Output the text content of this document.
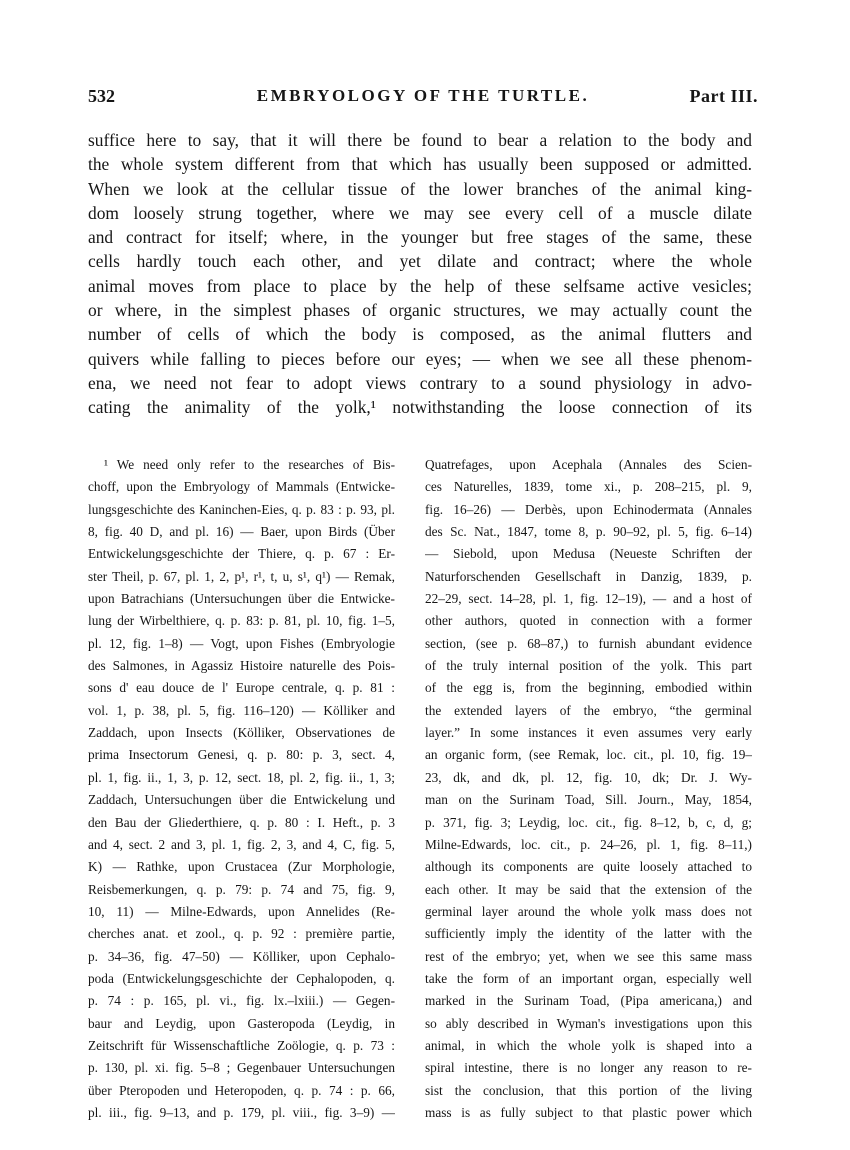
532	EMBRYOLOGY OF THE TURTLE.	Part III.
suffice here to say, that it will there be found to bear a relation to the body and
the whole system different from that which has usually been supposed or admitted.
When we look at the cellular tissue of the lower branches of the animal king-
dom loosely strung together, where we may see every cell of a muscle dilate
and contract for itself; where, in the younger but free stages of the same, these
cells hardly touch each other, and yet dilate and contract; where the whole
animal moves from place to place by the help of these selfsame active vesicles;
or where, in the simplest phases of organic structures, we may actually count the
number of cells of which the body is composed, as the animal flutters and
quivers while falling to pieces before our eyes; — when we see all these phenom-
ena, we need not fear to adopt views contrary to a sound physiology in advo-
cating the animality of the yolk,¹ notwithstanding the loose connection of its
¹ We need only refer to the researches of Bis-
choff, upon the Embryology of Mammals (Entwicke-
lungsgeschichte des Kaninchen-Eies, q. p. 83 : p. 93, pl.
8, fig. 40 D, and pl. 16) — Baer, upon Birds (Über
Entwickelungsgeschichte der Thiere, q. p. 67 : Er-
ster Theil, p. 67, pl. 1, 2, p¹, r¹, t, u, s¹, q¹) — Remak,
upon Batrachians (Untersuchungen über die Entwicke-
lung der Wirbelthiere, q. p. 83: p. 81, pl. 10, fig. 1–5,
pl. 12, fig. 1–8) — Vogt, upon Fishes (Embryologie
des Salmones, in Agassiz Histoire naturelle des Pois-
sons d' eau douce de l' Europe centrale, q. p. 81 :
vol. 1, p. 38, pl. 5, fig. 116–120) — Kölliker and
Zaddach, upon Insects (Kölliker, Observationes de
prima Insectorum Genesi, q. p. 80: p. 3, sect. 4,
pl. 1, fig. ii., 1, 3, p. 12, sect. 18, pl. 2, fig. ii., 1, 3;
Zaddach, Untersuchungen über die Entwickelung und
den Bau der Gliederthiere, q. p. 80 : I. Heft., p. 3
and 4, sect. 2 and 3, pl. 1, fig. 2, 3, and 4, C, fig. 5,
K) — Rathke, upon Crustacea (Zur Morphologie,
Reisbemerkungen, q. p. 79: p. 74 and 75, fig. 9,
10, 11) — Milne-Edwards, upon Annelides (Re-
cherches anat. et zool., q. p. 92 : première partie,
p. 34–36, fig. 47–50) — Kölliker, upon Cephalo-
poda (Entwickelungsgeschichte der Cephalopoden, q.
p. 74 : p. 165, pl. vi., fig. lx.–lxiii.) — Gegen-
baur and Leydig, upon Gasteropoda (Leydig, in
Zeitschrift für Wissenschaftliche Zoölogie, q. p. 73 :
p. 130, pl. xi. fig. 5–8 ; Gegenbauer Untersuchungen
über Pteropoden und Heteropoden, q. p. 74 : p. 66,
pl. iii., fig. 9–13, and p. 179, pl. viii., fig. 3–9) —
Quatrefages, upon Acephala (Annales des Scien-
ces Naturelles, 1839, tome xi., p. 208–215, pl. 9,
fig. 16–26) — Derbès, upon Echinodermata (Annales
des Sc. Nat., 1847, tome 8, p. 90–92, pl. 5, fig. 6–14)
— Siebold, upon Medusa (Neueste Schriften der
Naturforschenden Gesellschaft in Danzig, 1839, p.
22–29, sect. 14–28, pl. 1, fig. 12–19), — and a host of
other authors, quoted in connection with a former
section, (see p. 68–87,) to furnish abundant evidence
of the truly internal position of the yolk. This part
of the egg is, from the beginning, embodied within
the extended layers of the embryo, “the germinal
layer.” In some instances it even assumes very early
an organic form, (see Remak, loc. cit., pl. 10, fig. 19–
23, dk, and dk, pl. 12, fig. 10, dk; Dr. J. Wy-
man on the Surinam Toad, Sill. Journ., May, 1854,
p. 371, fig. 3; Leydig, loc. cit., fig. 8–12, b, c, d, g;
Milne-Edwards, loc. cit., p. 24–26, pl. 1, fig. 8–11,)
although its components are quite loosely attached to
each other. It may be said that the extension of the
germinal layer around the whole yolk mass does not
sufficiently imply the identity of the latter with the
rest of the embryo; yet, when we see this same mass
take the form of an important organ, especially well
marked in the Surinam Toad, (Pipa americana,) and
so ably described in Wyman's investigations upon this
animal, in which the whole yolk is shaped into a
spiral intestine, there is no longer any reason to re-
sist the conclusion, that this portion of the living
mass is as fully subject to that plastic power which
